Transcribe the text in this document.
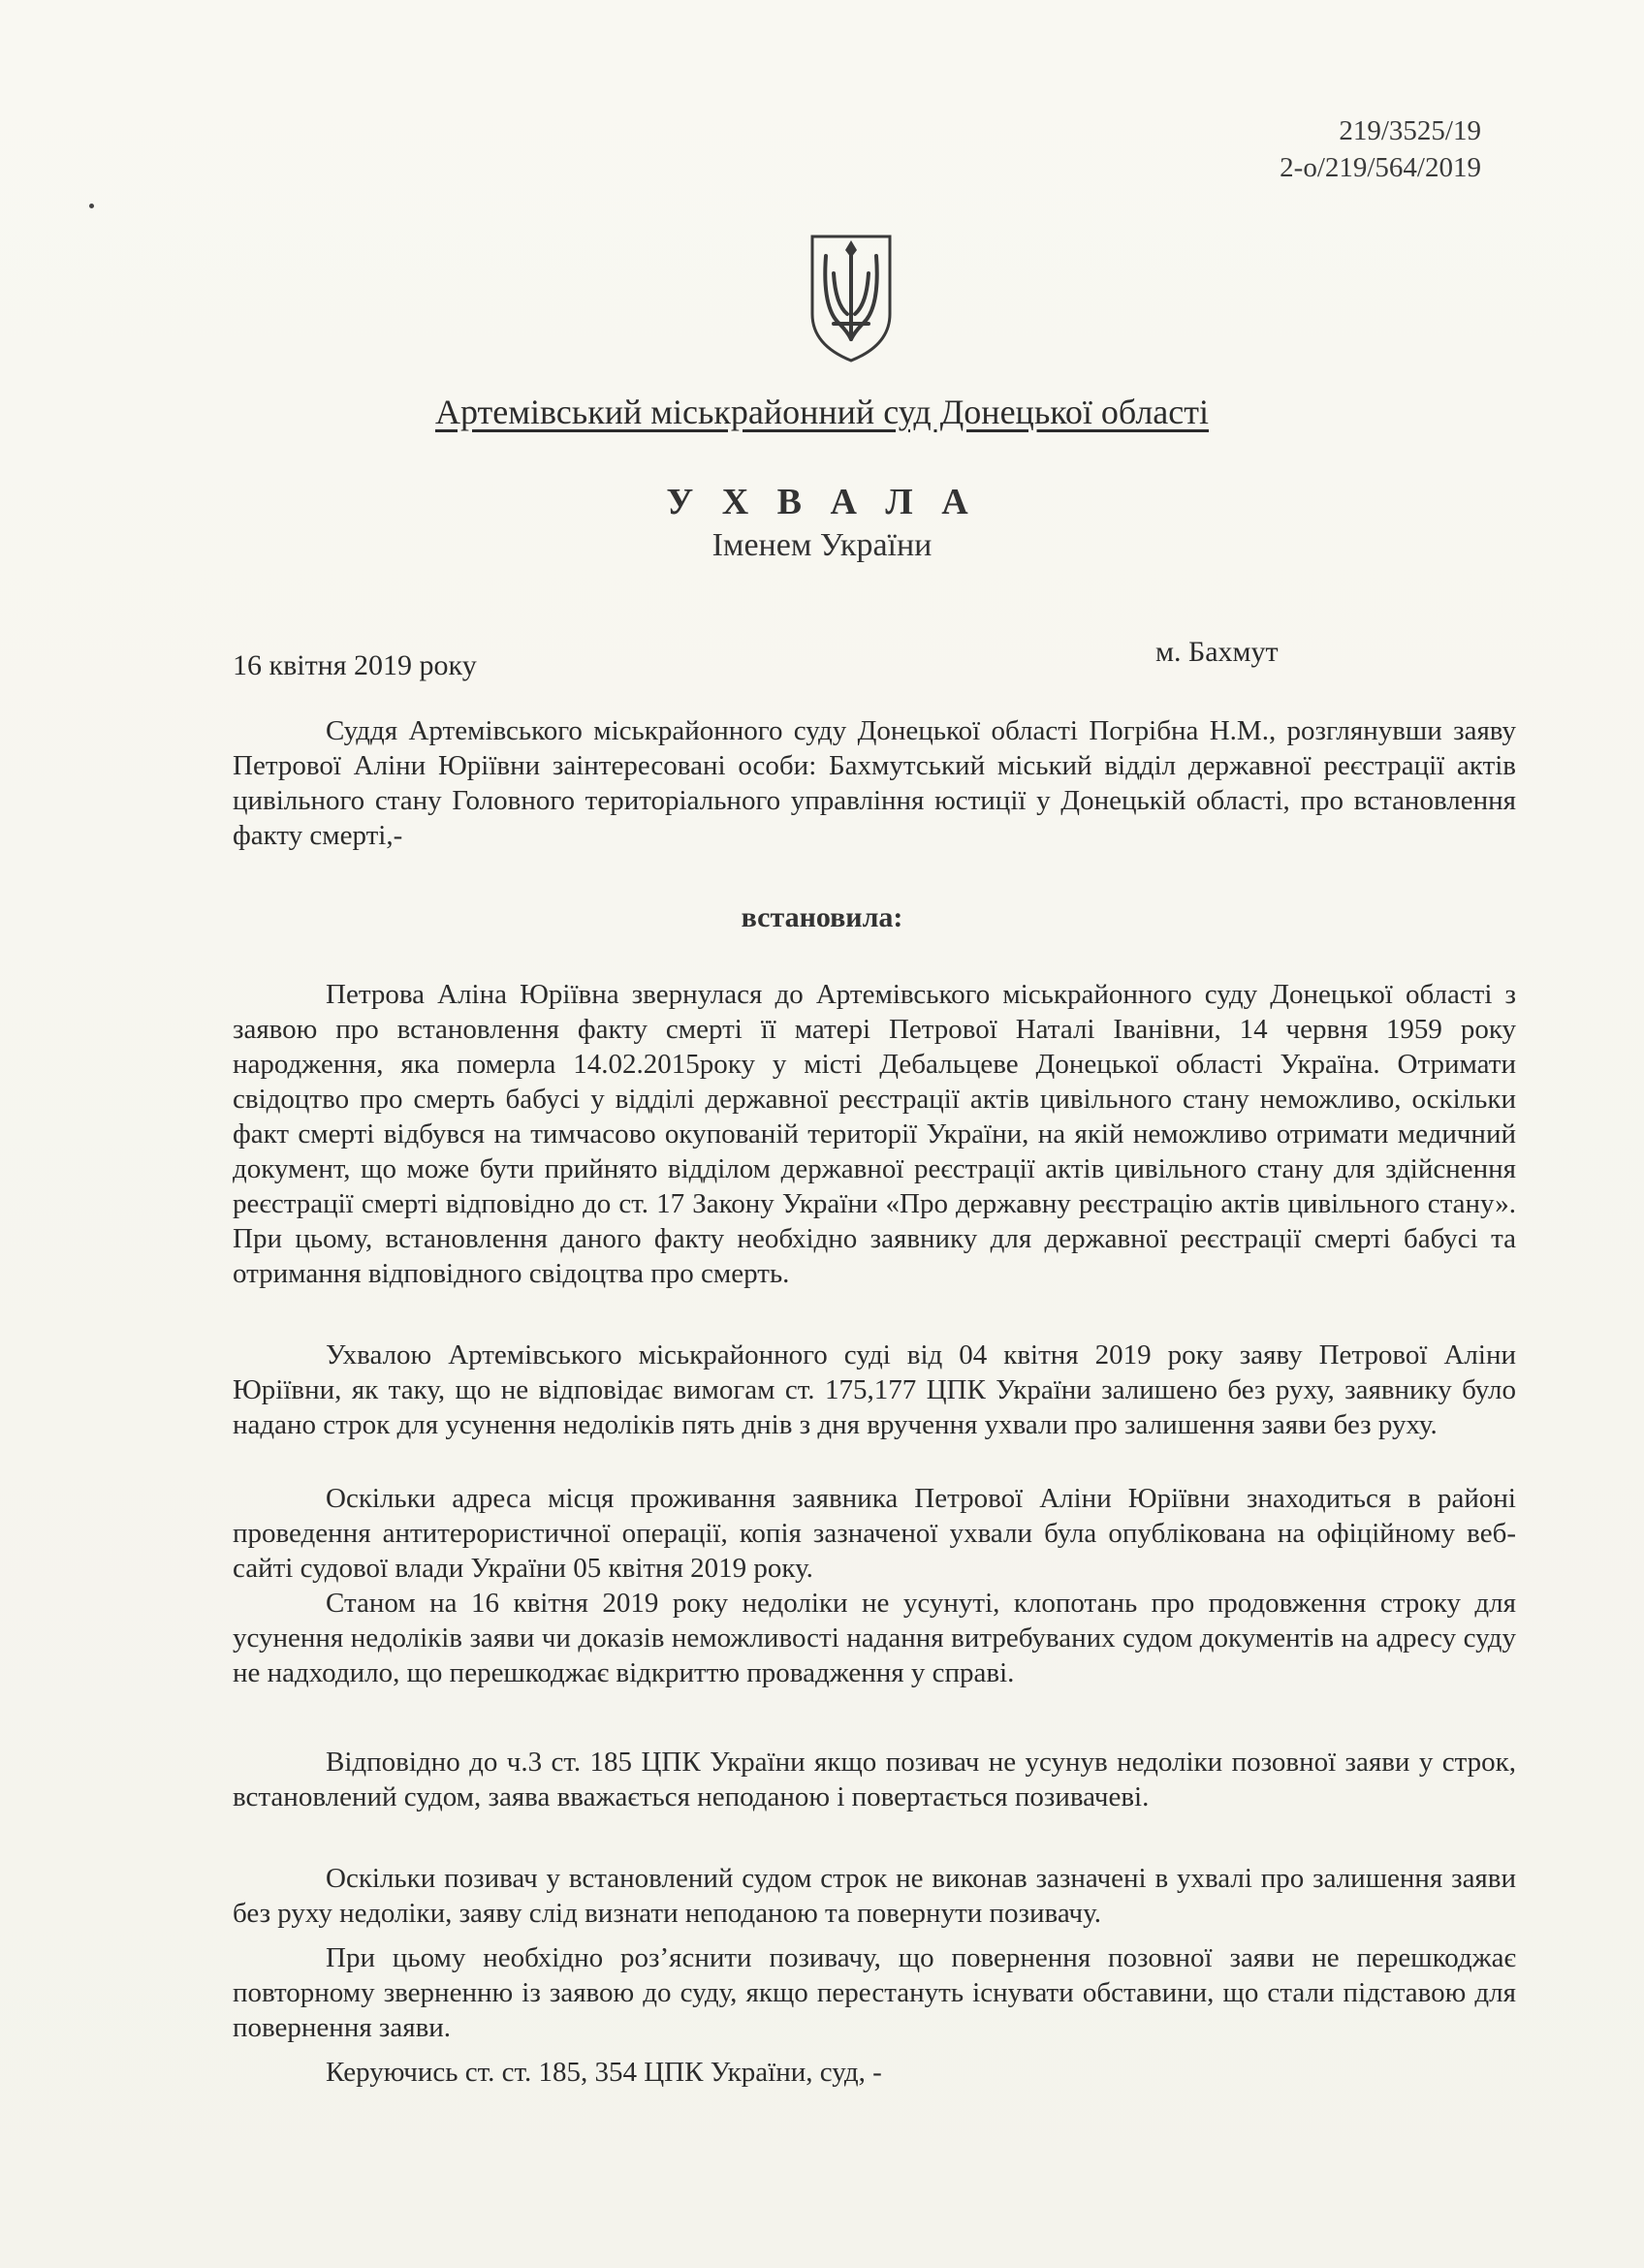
219/3525/19
2-о/219/564/2019
Артемівський міськрайонний суд Донецької області
У Х В А Л А
Іменем України
16 квітня 2019 року	м. Бахмут

Суддя Артемівського міськрайонного суду Донецької області Погрібна Н.М., розглянувши заяву Петрової Аліни Юріївни заінтересовані особи: Бахмутський міський відділ державної реєстрації актів цивільного стану Головного територіального управління юстиції у Донецькій області, про встановлення факту смерті,-

встановила:

Петрова Аліна Юріївна звернулася до Артемівського міськрайонного суду Донецької області з заявою про встановлення факту смерті її матері Петрової Наталі Іванівни, 14 червня 1959 року народження, яка померла 14.02.2015року у місті Дебальцеве Донецької області Україна. Отримати свідоцтво про смерть бабусі у відділі державної реєстрації актів цивільного стану неможливо, оскільки факт смерті відбувся на тимчасово окупованій території України, на якій неможливо отримати медичний документ, що може бути прийнято відділом державної реєстрації актів цивільного стану для здійснення реєстрації смерті відповідно до ст. 17 Закону України «Про державну реєстрацію актів цивільного стану». При цьому, встановлення даного факту необхідно заявнику для державної реєстрації смерті бабусі та отримання відповідного свідоцтва про смерть.

Ухвалою Артемівського міськрайонного суді від 04 квітня 2019 року заяву Петрової Аліни Юріївни, як таку, що не відповідає вимогам ст. 175,177 ЦПК України залишено без руху, заявнику було надано строк для усунення недоліків пять днів з дня вручення ухвали про залишення заяви без руху.

Оскільки адреса місця проживання заявника Петрової Аліни Юріївни знаходиться в районі проведення антитерористичної операції, копія зазначеної ухвали була опублікована на офіційному веб-сайті судової влади України 05 квітня 2019 року.

Станом на 16 квітня 2019 року недоліки не усунуті, клопотань про продовження строку для усунення недоліків заяви чи доказів неможливості надання витребуваних судом документів на адресу суду не надходило, що перешкоджає відкриттю провадження у справі.

Відповідно до ч.3 ст. 185 ЦПК України якщо позивач не усунув недоліки позовної заяви у строк, встановлений судом, заява вважається неподаною і повертається позивачеві.

Оскільки позивач у встановлений судом строк не виконав зазначені в ухвалі про залишення заяви без руху недоліки, заяву слід визнати неподаною та повернути позивачу.

При цьому необхідно роз’яснити позивачу, що повернення позовної заяви не перешкоджає повторному зверненню із заявою до суду, якщо перестануть існувати обставини, що стали підставою для повернення заяви.

Керуючись ст. ст. 185, 354 ЦПК України, суд, -
